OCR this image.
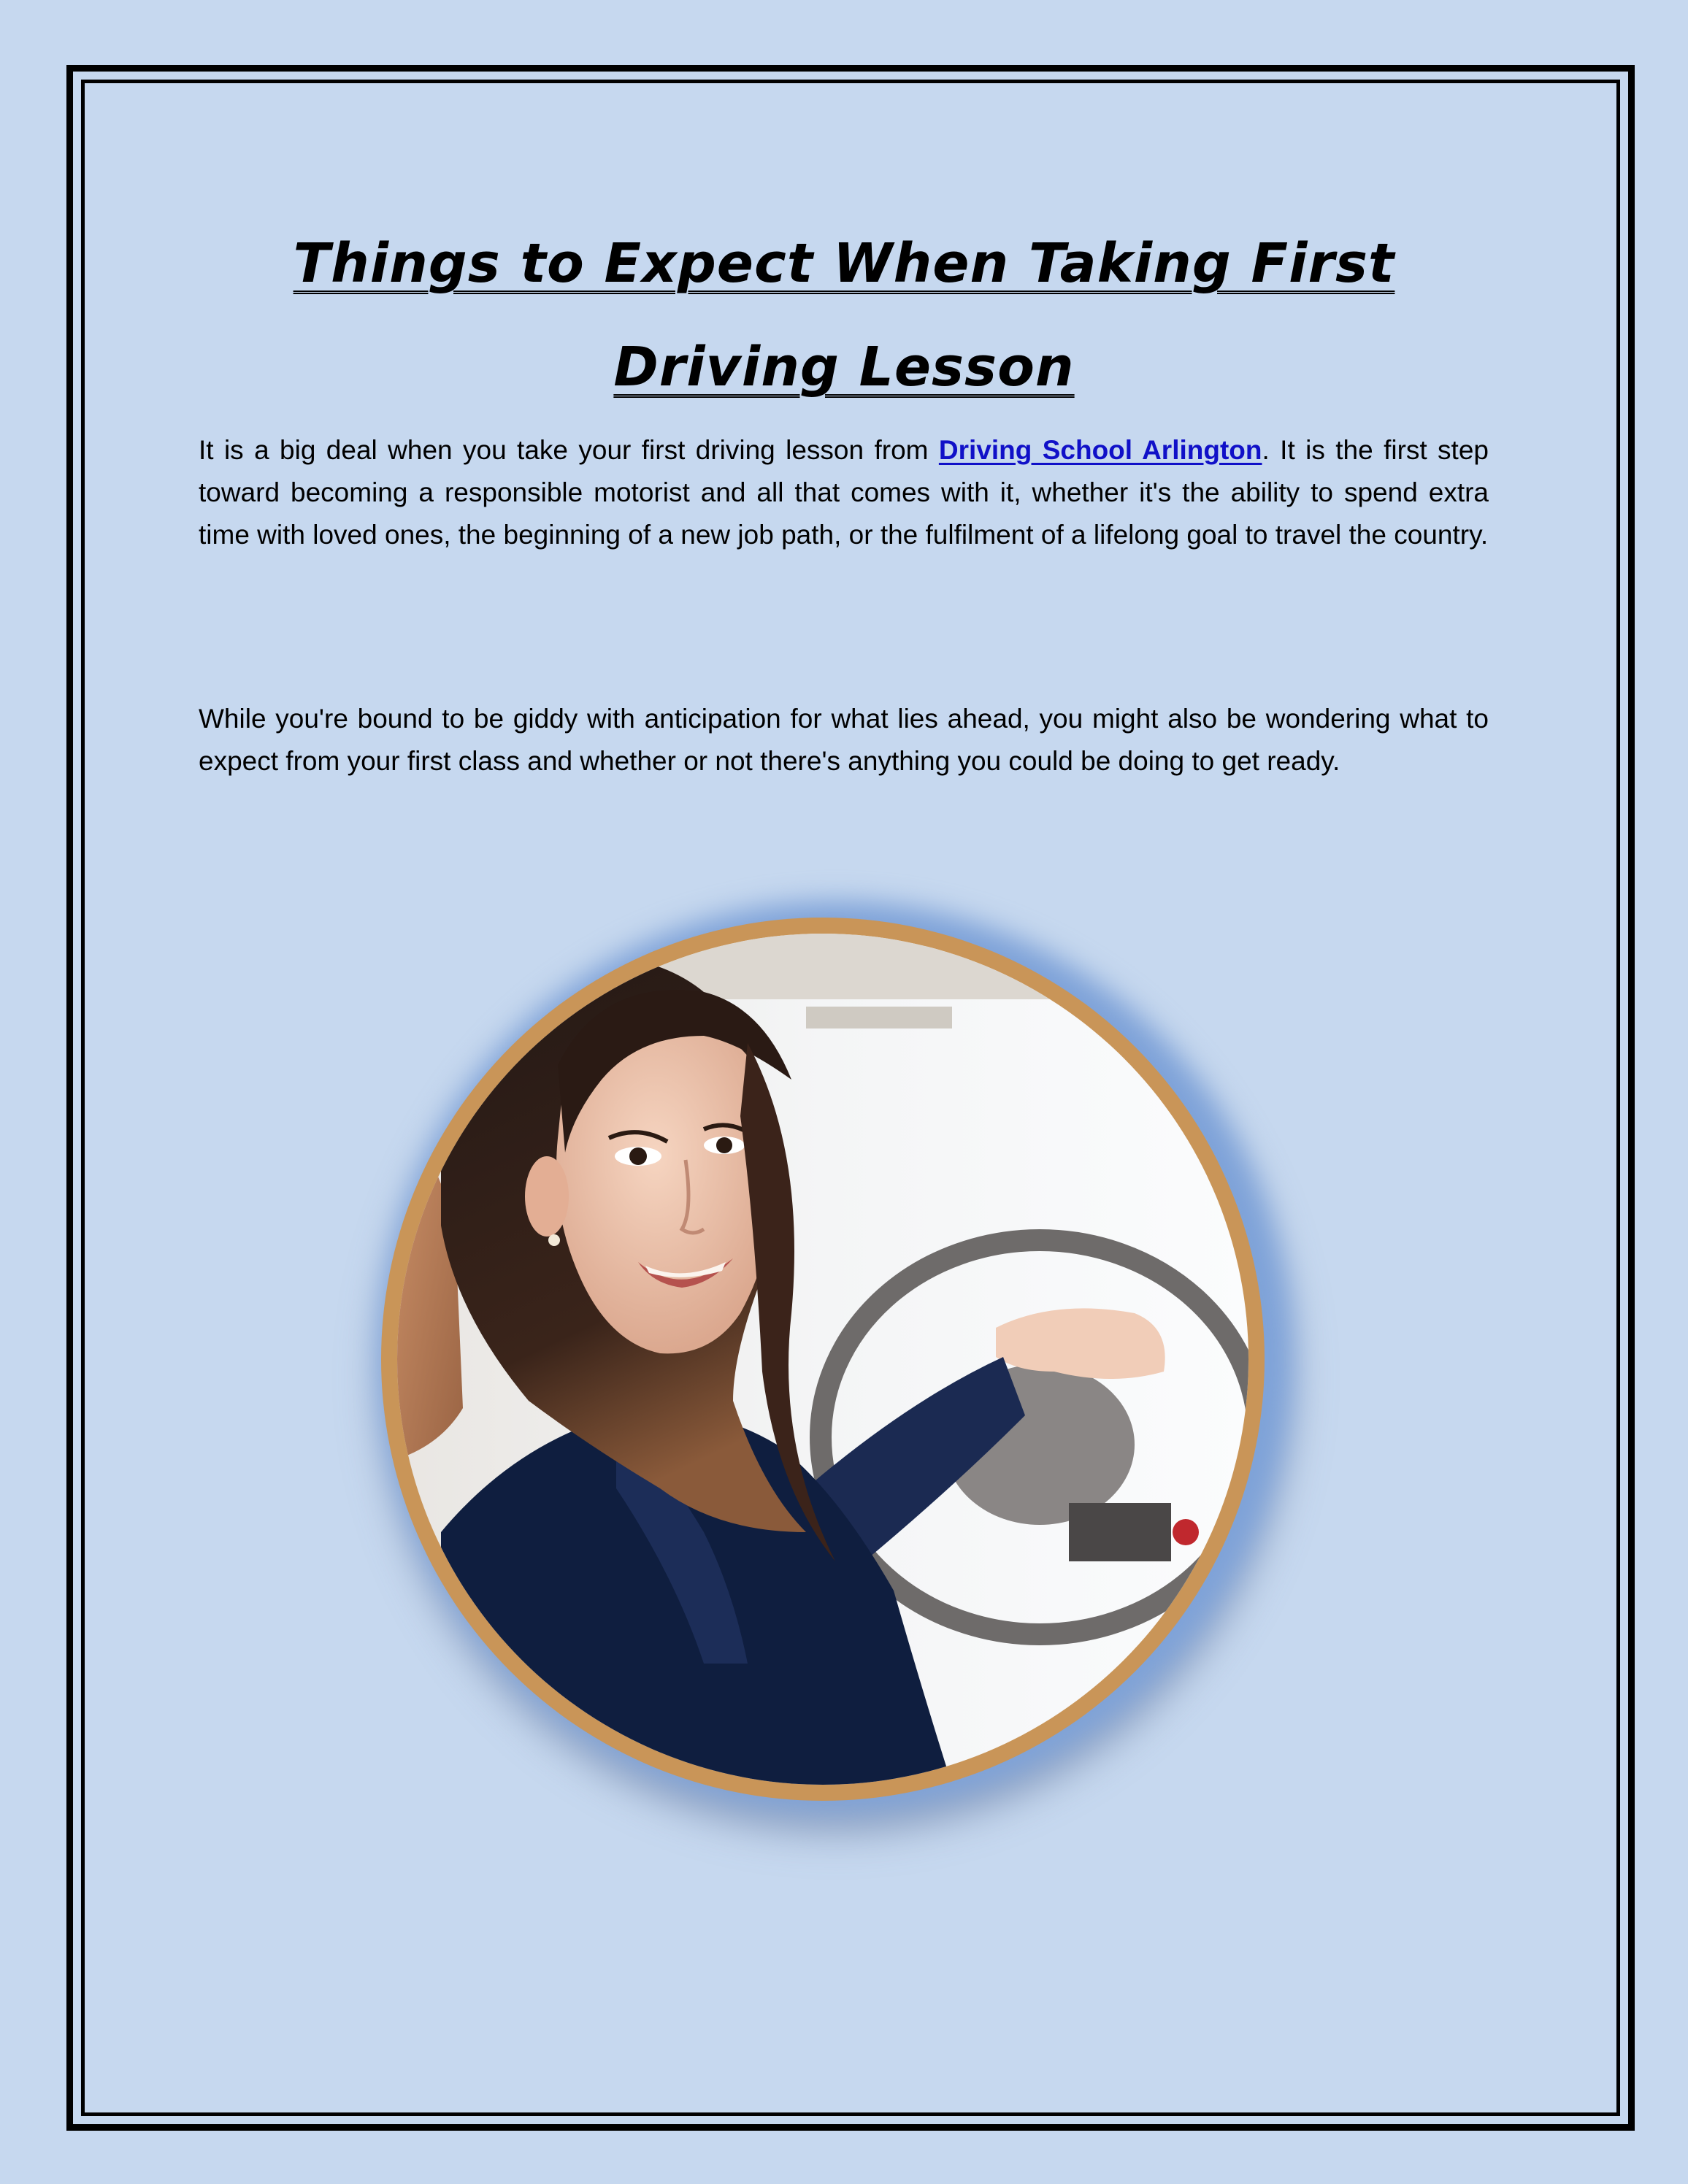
Things to Expect When Taking First Driving Lesson

It is a big deal when you take your first driving lesson from Driving School Arlington. It is the first step toward becoming a responsible motorist and all that comes with it, whether it's the ability to spend extra time with loved ones, the beginning of a new job path, or the fulfilment of a lifelong goal to travel the country.

While you're bound to be giddy with anticipation for what lies ahead, you might also be wondering what to expect from your first class and whether or not there's anything you could be doing to get ready.
